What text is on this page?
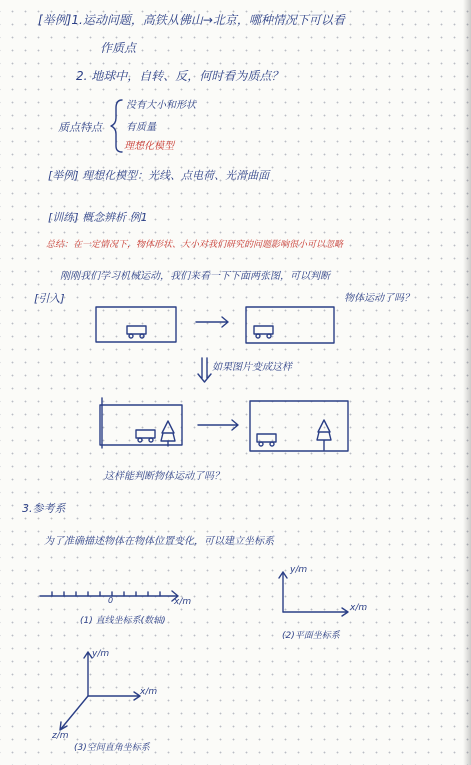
[举例]1.运动问题，高铁从佛山→北京，哪种情况下可以看
作质点
2. 地球中，自转、反，何时看为质点？
质点特点
没有大小和形状
有质量
理想化模型
[举例] 理想化模型：光线、点电荷、光滑曲面
[训练] 概念辨析 例1
总结：在一定情况下，物体形状、大小对我们研究的问题影响很小可以忽略
刚刚我们学习机械运动，我们来看一下下面两张图，可以判断
[引入]	物体运动了吗？
如果图片变成这样
这样能判断物体运动了吗？
3.参考系
为了准确描述物体在物体位置变化，可以建立坐标系
0	x/m
(1) 直线坐标系(数轴)
y/m
x/m
(2)平面坐标系
y/m
x/m
z/m
(3)空间直角坐标系
